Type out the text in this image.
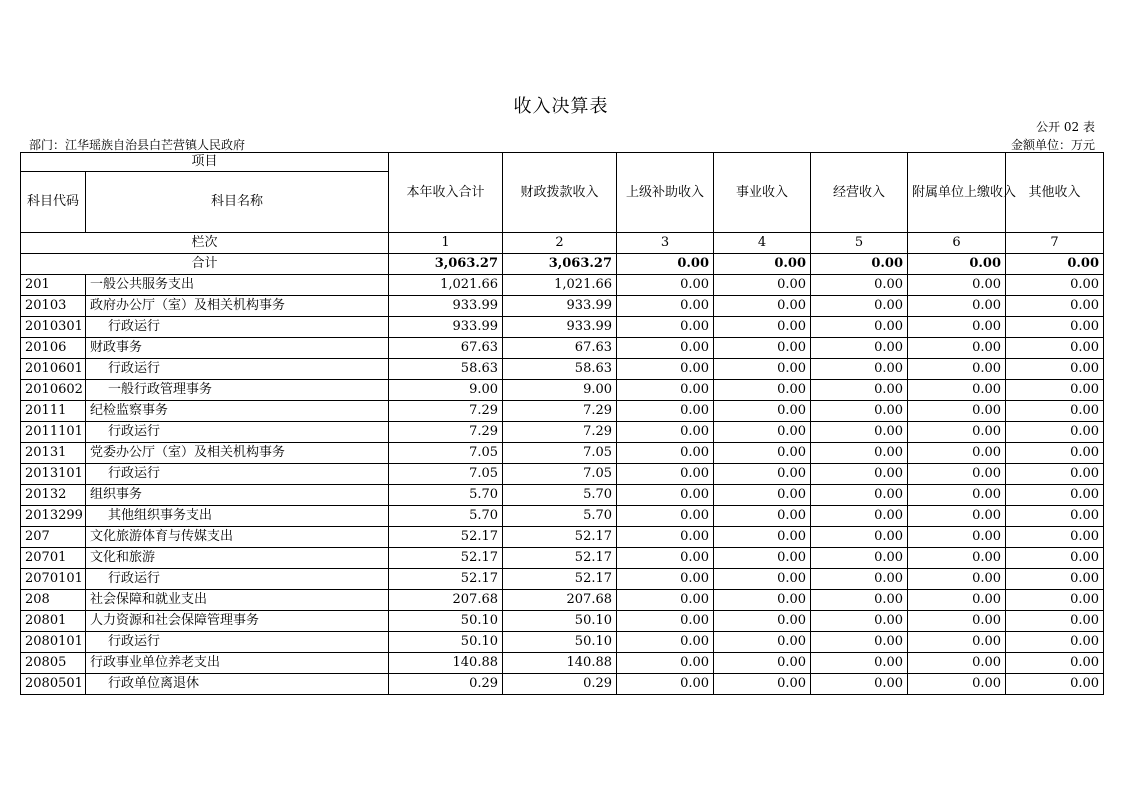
收入决算表
公开 02 表
部门：江华瑶族自治县白芒营镇人民政府	金额单位：万元
项目		本年收入合计	财政拨款收入	上级补助收入	事业收入	经营收入	附属单位上缴收入	其他收入
科目代码	科目名称							
栏次		1	2	3	4	5	6	7
合计		3,063.27	3,063.27	0.00	0.00	0.00	0.00	0.00
201	一般公共服务支出	1,021.66	1,021.66	0.00	0.00	0.00	0.00	0.00
20103	政府办公厅（室）及相关机构事务	933.99	933.99	0.00	0.00	0.00	0.00	0.00
2010301	行政运行	933.99	933.99	0.00	0.00	0.00	0.00	0.00
20106	财政事务	67.63	67.63	0.00	0.00	0.00	0.00	0.00
2010601	行政运行	58.63	58.63	0.00	0.00	0.00	0.00	0.00
2010602	一般行政管理事务	9.00	9.00	0.00	0.00	0.00	0.00	0.00
20111	纪检监察事务	7.29	7.29	0.00	0.00	0.00	0.00	0.00
2011101	行政运行	7.29	7.29	0.00	0.00	0.00	0.00	0.00
20131	党委办公厅（室）及相关机构事务	7.05	7.05	0.00	0.00	0.00	0.00	0.00
2013101	行政运行	7.05	7.05	0.00	0.00	0.00	0.00	0.00
20132	组织事务	5.70	5.70	0.00	0.00	0.00	0.00	0.00
2013299	其他组织事务支出	5.70	5.70	0.00	0.00	0.00	0.00	0.00
207	文化旅游体育与传媒支出	52.17	52.17	0.00	0.00	0.00	0.00	0.00
20701	文化和旅游	52.17	52.17	0.00	0.00	0.00	0.00	0.00
2070101	行政运行	52.17	52.17	0.00	0.00	0.00	0.00	0.00
208	社会保障和就业支出	207.68	207.68	0.00	0.00	0.00	0.00	0.00
20801	人力资源和社会保障管理事务	50.10	50.10	0.00	0.00	0.00	0.00	0.00
2080101	行政运行	50.10	50.10	0.00	0.00	0.00	0.00	0.00
20805	行政事业单位养老支出	140.88	140.88	0.00	0.00	0.00	0.00	0.00
2080501	行政单位离退休	0.29	0.29	0.00	0.00	0.00	0.00	0.00
